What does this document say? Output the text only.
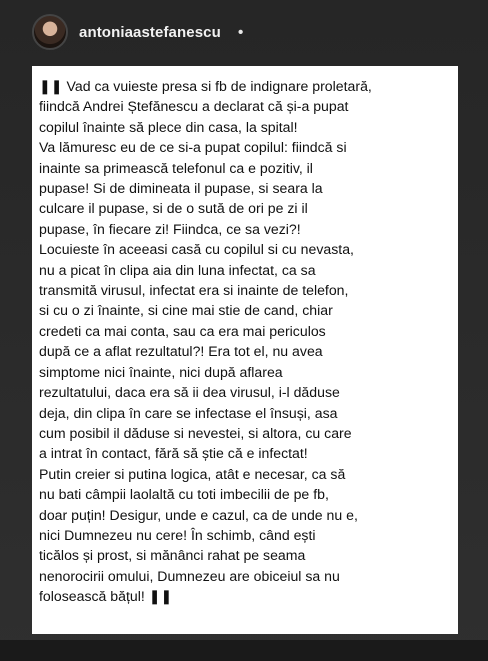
antoniaastefanescu •
❚❚ Vad ca vuieste presa si fb de indignare proletară,
fiindcă Andrei Ștefănescu a declarat că și-a pupat
copilul înainte să plece din casa, la spital!
Va lămuresc eu de ce si-a pupat copilul: fiindcă si
inainte sa primească telefonul ca e pozitiv, il
pupase! Si de dimineata il pupase, si seara la
culcare il pupase, si de o sută de ori pe zi il
pupase, în fiecare zi! Fiindca, ce sa vezi?!
Locuieste în aceeasi casă cu copilul si cu nevasta,
nu a picat în clipa aia din luna infectat, ca sa
transmită virusul, infectat era si inainte de telefon,
si cu o zi înainte, si cine mai stie de cand, chiar
credeti ca mai conta, sau ca era mai periculos
după ce a aflat rezultatul?! Era tot el, nu avea
simptome nici înainte, nici după aflarea
rezultatului, daca era să ii dea virusul, i-l dăduse
deja, din clipa în care se infectase el însuși, asa
cum posibil il dăduse si nevestei, si altora, cu care
a intrat în contact, fără să știe că e infectat!
Putin creier si putina logica, atât e necesar, ca să
nu bati câmpii laolaltă cu toti imbecilii de pe fb,
doar puțin! Desigur, unde e cazul, ca de unde nu e,
nici Dumnezeu nu cere! În schimb, când ești
ticălos și prost, si mănânci rahat pe seama
nenorocirii omului, Dumnezeu are obiceiul sa nu
folosească bățul! ❚❚
